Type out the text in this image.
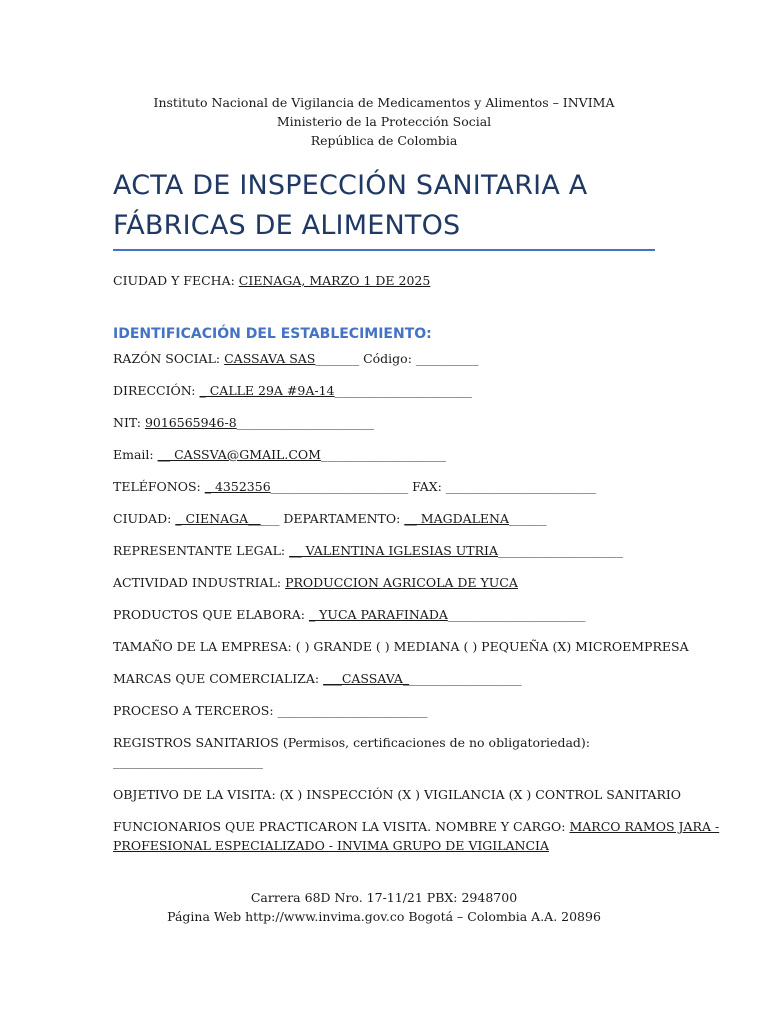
Instituto Nacional de Vigilancia de Medicamentos y Alimentos – INVIMA
Ministerio de la Protección Social
República de Colombia
ACTA DE INSPECCIÓN SANITARIA A
FÁBRICAS DE ALIMENTOS
CIUDAD Y FECHA: CIENAGA, MARZO 1 DE 2025
IDENTIFICACIÓN DEL ESTABLECIMIENTO:
RAZÓN SOCIAL: CASSAVA SAS_______ Código: __________
DIRECCIÓN: _ CALLE 29A #9A-14______________________
NIT: 9016565946-8______________________
Email: __ CASSVA@GMAIL.COM____________________
TELÉFONOS: _ 4352356______________________ FAX: ________________________
CIUDAD: _ CIENAGA_____ DEPARTAMENTO: __ MAGDALENA______
REPRESENTANTE LEGAL: __ VALENTINA IGLESIAS UTRIA____________________
ACTIVIDAD INDUSTRIAL: PRODUCCION AGRICOLA DE YUCA
PRODUCTOS QUE ELABORA: _ YUCA PARAFINADA______________________
TAMAÑO DE LA EMPRESA: ( ) GRANDE ( ) MEDIANA ( ) PEQUEÑA (X) MICROEMPRESA
MARCAS QUE COMERCIALIZA: ___CASSAVA___________________
PROCESO A TERCEROS: ________________________
REGISTROS SANITARIOS (Permisos, certificaciones de no obligatoriedad):
________________________
OBJETIVO DE LA VISITA: (X ) INSPECCIÓN (X ) VIGILANCIA (X ) CONTROL SANITARIO
FUNCIONARIOS QUE PRACTICARON LA VISITA. NOMBRE Y CARGO: MARCO RAMOS JARA -
PROFESIONAL ESPECIALIZADO - INVIMA GRUPO DE VIGILANCIA
Carrera 68D Nro. 17-11/21 PBX: 2948700
Página Web http://www.invima.gov.co Bogotá – Colombia A.A. 20896
